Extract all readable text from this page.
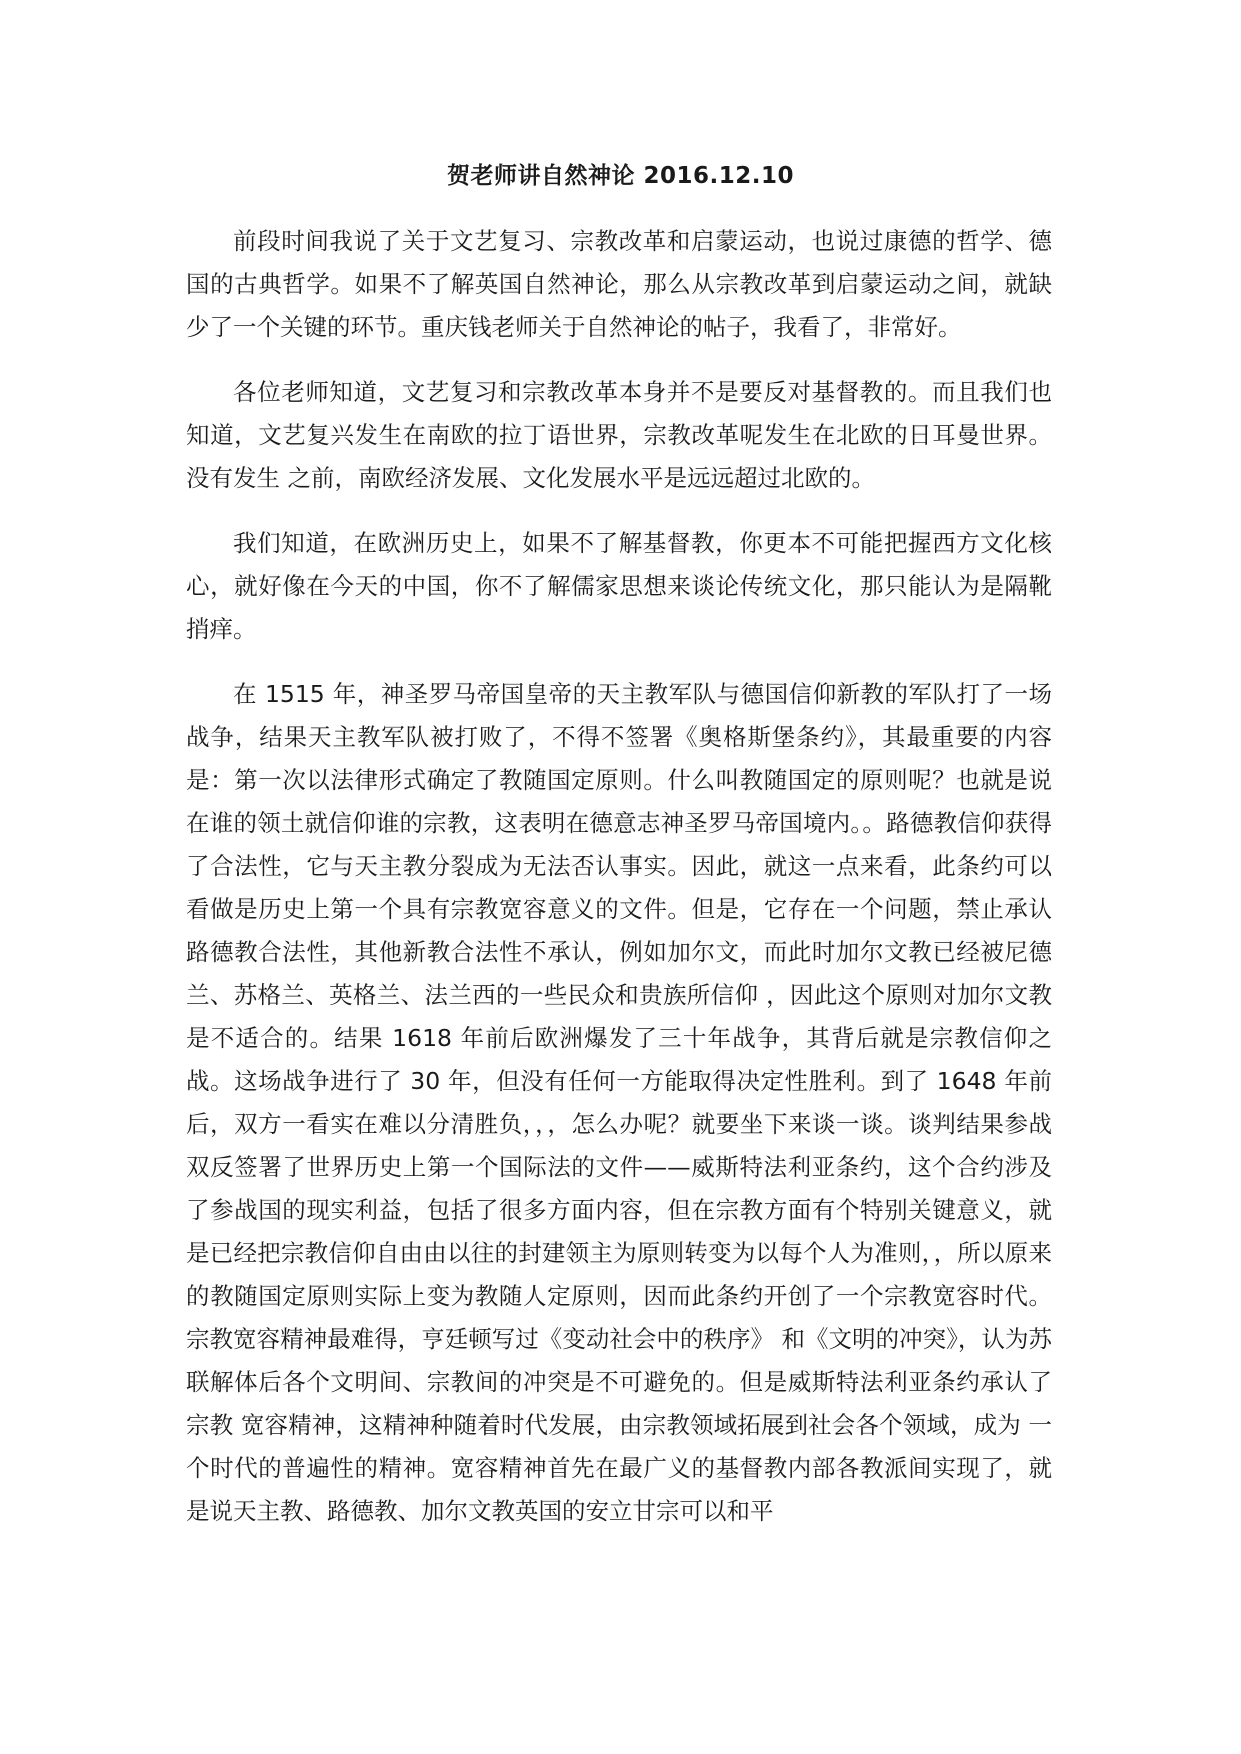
贺老师讲自然神论 2016.12.10

前段时间我说了关于文艺复习、宗教改革和启蒙运动，也说过康德的哲学、德国的古典哲学。如果不了解英国自然神论，那么从宗教改革到启蒙运动之间，就缺少了一个关键的环节。重庆钱老师关于自然神论的帖子，我看了，非常好。

各位老师知道，文艺复习和宗教改革本身并不是要反对基督教的。而且我们也知道，文艺复兴发生在南欧的拉丁语世界，宗教改革呢发生在北欧的日耳曼世界。没有发生 之前，南欧经济发展、文化发展水平是远远超过北欧的。

我们知道，在欧洲历史上，如果不了解基督教，你更本不可能把握西方文化核心，就好像在今天的中国，你不了解儒家思想来谈论传统文化，那只能认为是隔靴捎痒。

在 1515 年，神圣罗马帝国皇帝的天主教军队与德国信仰新教的军队打了一场战争，结果天主教军队被打败了，不得不签署《奥格斯堡条约》，其最重要的内容是：第一次以法律形式确定了教随国定原则。什么叫教随国定的原则呢？也就是说在谁的领土就信仰谁的宗教，这表明在德意志神圣罗马帝国境内。。路德教信仰获得了合法性，它与天主教分裂成为无法否认事实。因此，就这一点来看，此条约可以看做是历史上第一个具有宗教宽容意义的文件。但是，它存在一个问题，禁止承认路德教合法性，其他新教合法性不承认，例如加尔文，而此时加尔文教已经被尼德兰、苏格兰、英格兰、法兰西的一些民众和贵族所信仰 ，因此这个原则对加尔文教是不适合的。结果 1618 年前后欧洲爆发了三十年战争，其背后就是宗教信仰之战。这场战争进行了 30 年，但没有任何一方能取得决定性胜利。到了 1648 年前后，双方一看实在难以分清胜负，，，怎么办呢？就要坐下来谈一谈。谈判结果参战双反签署了世界历史上第一个国际法的文件——威斯特法利亚条约，这个合约涉及了参战国的现实利益，包括了很多方面内容，但在宗教方面有个特别关键意义，就是已经把宗教信仰自由由以往的封建领主为原则转变为以每个人为准则，，所以原来的教随国定原则实际上变为教随人定原则，因而此条约开创了一个宗教宽容时代。宗教宽容精神最难得，亨廷顿写过《变动社会中的秩序》 和《文明的冲突》，认为苏联解体后各个文明间、宗教间的冲突是不可避免的。但是威斯特法利亚条约承认了宗教 宽容精神，这精神种随着时代发展，由宗教领域拓展到社会各个领域，成为 一个时代的普遍性的精神。宽容精神首先在最广义的基督教内部各教派间实现了，就是说天主教、路德教、加尔文教英国的安立甘宗可以和平
